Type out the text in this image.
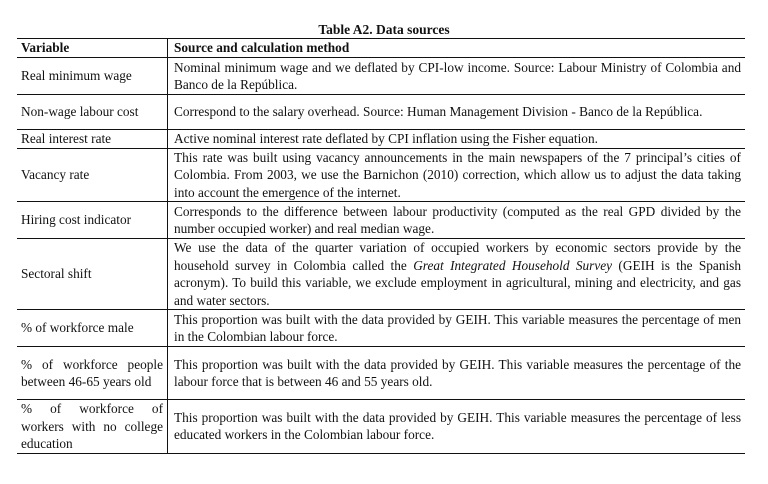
Table A2. Data sources
Variable	Source and calculation method
Real minimum wage	Nominal minimum wage and we deflated by CPI-low income. Source: Labour Ministry of Colombia and Banco de la República.
Non-wage labour cost	Correspond to the salary overhead. Source: Human Management Division - Banco de la República.
Real interest rate	Active nominal interest rate deflated by CPI inflation using the Fisher equation.
Vacancy rate	This rate was built using vacancy announcements in the main newspapers of the 7 principal’s cities of Colombia. From 2003, we use the Barnichon (2010) correction, which allow us to adjust the data taking into account the emergence of the internet.
Hiring cost indicator	Corresponds to the difference between labour productivity (computed as the real GPD divided by the number occupied worker) and real median wage.
Sectoral shift	We use the data of the quarter variation of occupied workers by economic sectors provide by the household survey in Colombia called the Great Integrated Household Survey (GEIH is the Spanish acronym). To build this variable, we exclude employment in agricultural, mining and electricity, and gas and water sectors.
% of workforce male	This proportion was built with the data provided by GEIH. This variable measures the percentage of men in the Colombian labour force.
% of workforce people between 46-65 years old	This proportion was built with the data provided by GEIH. This variable measures the percentage of the labour force that is between 46 and 55 years old.
% of workforce of workers with no college education	This proportion was built with the data provided by GEIH. This variable measures the percentage of less educated workers in the Colombian labour force.
